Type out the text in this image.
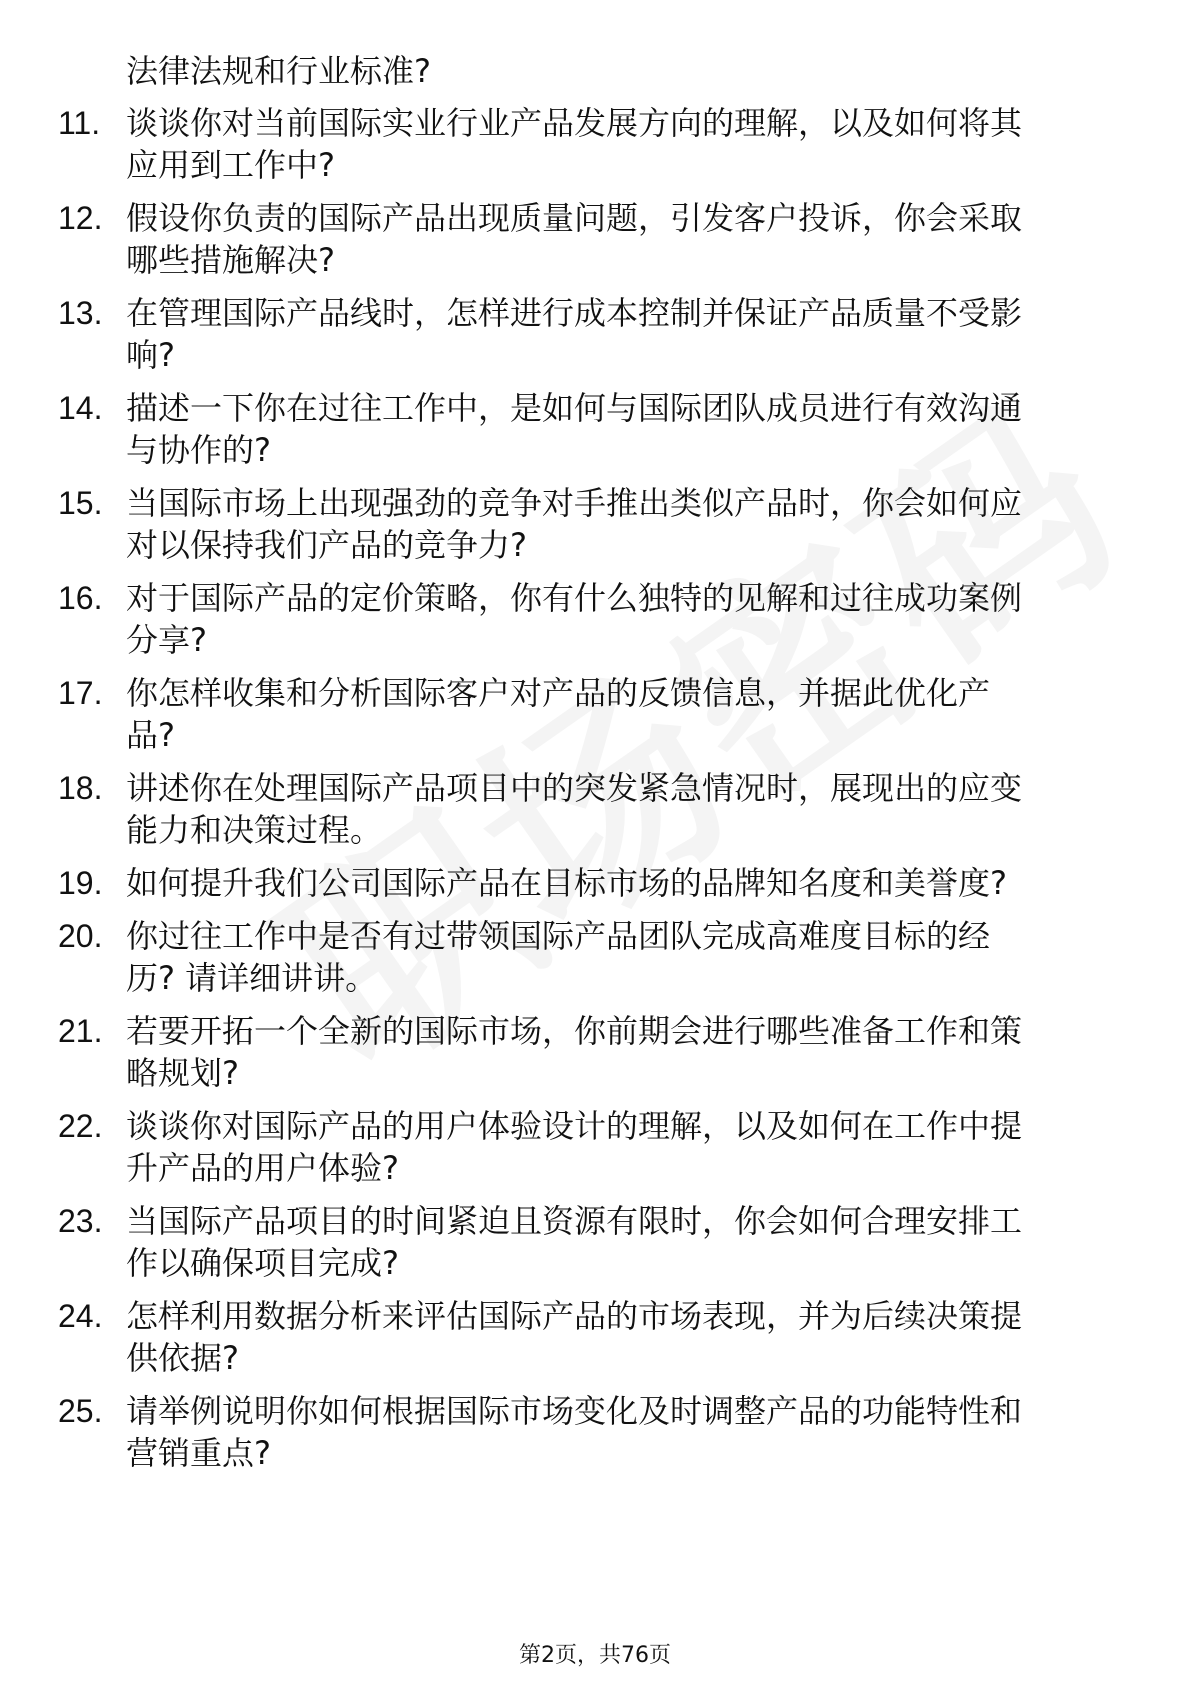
法律法规和行业标准?
11. 谈谈你对当前国际实业行业产品发展方向的理解，以及如何将其
应用到工作中?
12. 假设你负责的国际产品出现质量问题，引发客户投诉，你会采取
哪些措施解决?
13. 在管理国际产品线时，怎样进行成本控制并保证产品质量不受影
响?
14. 描述一下你在过往工作中，是如何与国际团队成员进行有效沟通
与协作的?
15. 当国际市场上出现强劲的竞争对手推出类似产品时，你会如何应
对以保持我们产品的竞争力?
16. 对于国际产品的定价策略，你有什么独特的见解和过往成功案例
分享?
17. 你怎样收集和分析国际客户对产品的反馈信息，并据此优化产
品?
18. 讲述你在处理国际产品项目中的突发紧急情况时，展现出的应变
能力和决策过程。
19. 如何提升我们公司国际产品在目标市场的品牌知名度和美誉度?
20. 你过往工作中是否有过带领国际产品团队完成高难度目标的经
历? 请详细讲讲。
21. 若要开拓一个全新的国际市场，你前期会进行哪些准备工作和策
略规划?
22. 谈谈你对国际产品的用户体验设计的理解，以及如何在工作中提
升产品的用户体验?
23. 当国际产品项目的时间紧迫且资源有限时，你会如何合理安排工
作以确保项目完成?
24. 怎样利用数据分析来评估国际产品的市场表现，并为后续决策提
供依据?
25. 请举例说明你如何根据国际市场变化及时调整产品的功能特性和
营销重点?
第2页，共76页
